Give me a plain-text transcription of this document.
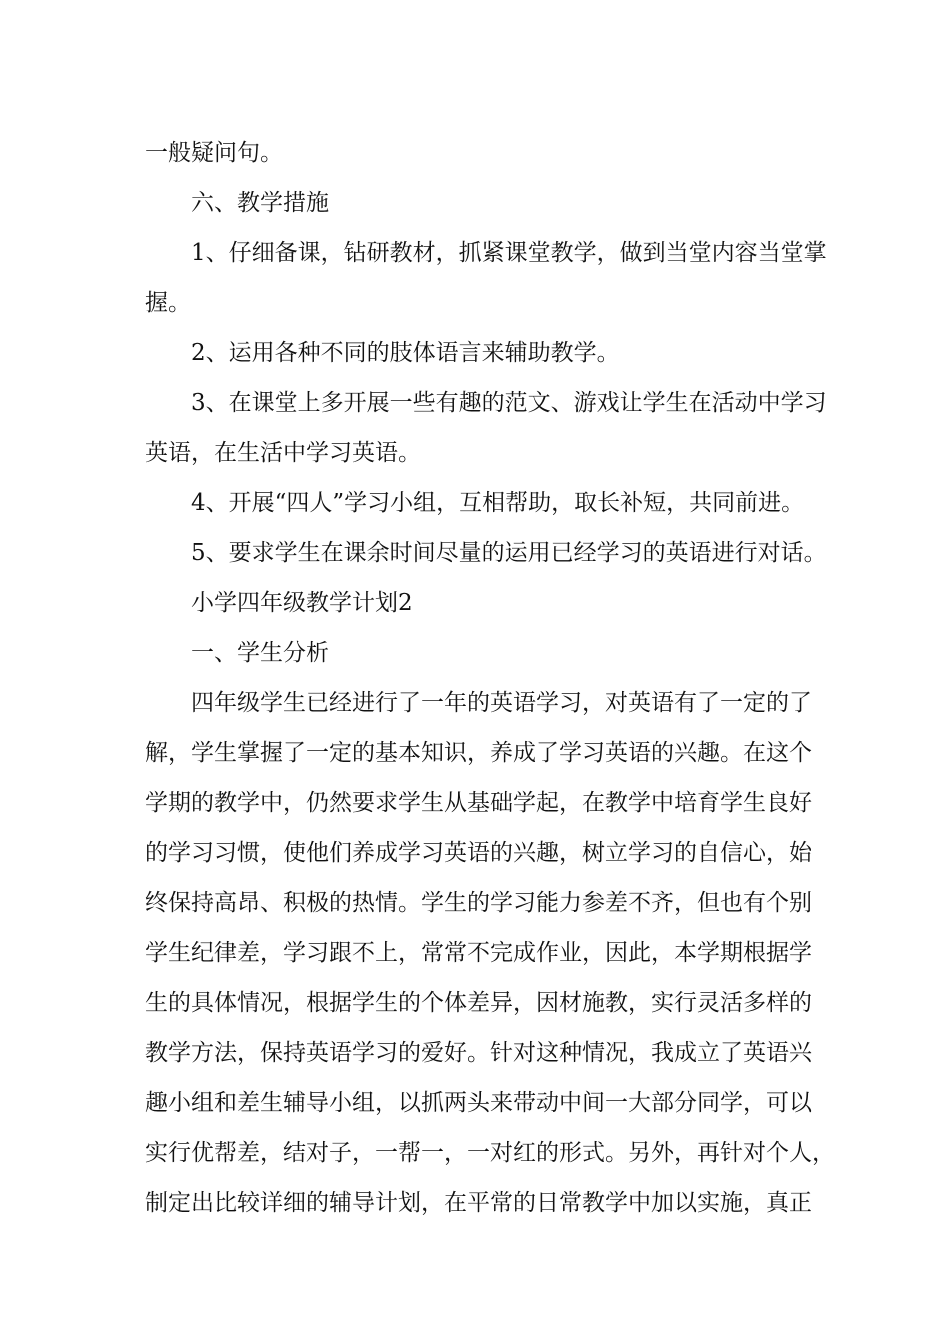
一般疑问句。
六、教学措施
1、仔细备课，钻研教材，抓紧课堂教学，做到当堂内容当堂掌
握。
2、运用各种不同的肢体语言来辅助教学。
3、在课堂上多开展一些有趣的范文、游戏让学生在活动中学习
英语，在生活中学习英语。
4、开展“四人”学习小组，互相帮助，取长补短，共同前进。
5、要求学生在课余时间尽量的运用已经学习的英语进行对话。
小学四年级教学计划2
一、学生分析
四年级学生已经进行了一年的英语学习，对英语有了一定的了
解，学生掌握了一定的基本知识，养成了学习英语的兴趣。在这个
学期的教学中，仍然要求学生从基础学起，在教学中培育学生良好
的学习习惯，使他们养成学习英语的兴趣，树立学习的自信心，始
终保持高昂、积极的热情。学生的学习能力参差不齐，但也有个别
学生纪律差，学习跟不上，常常不完成作业，因此，本学期根据学
生的具体情况，根据学生的个体差异，因材施教，实行灵活多样的
教学方法，保持英语学习的爱好。针对这种情况，我成立了英语兴
趣小组和差生辅导小组，以抓两头来带动中间一大部分同学，可以
实行优帮差，结对子，一帮一，一对红的形式。另外，再针对个人，
制定出比较详细的辅导计划，在平常的日常教学中加以实施，真正
